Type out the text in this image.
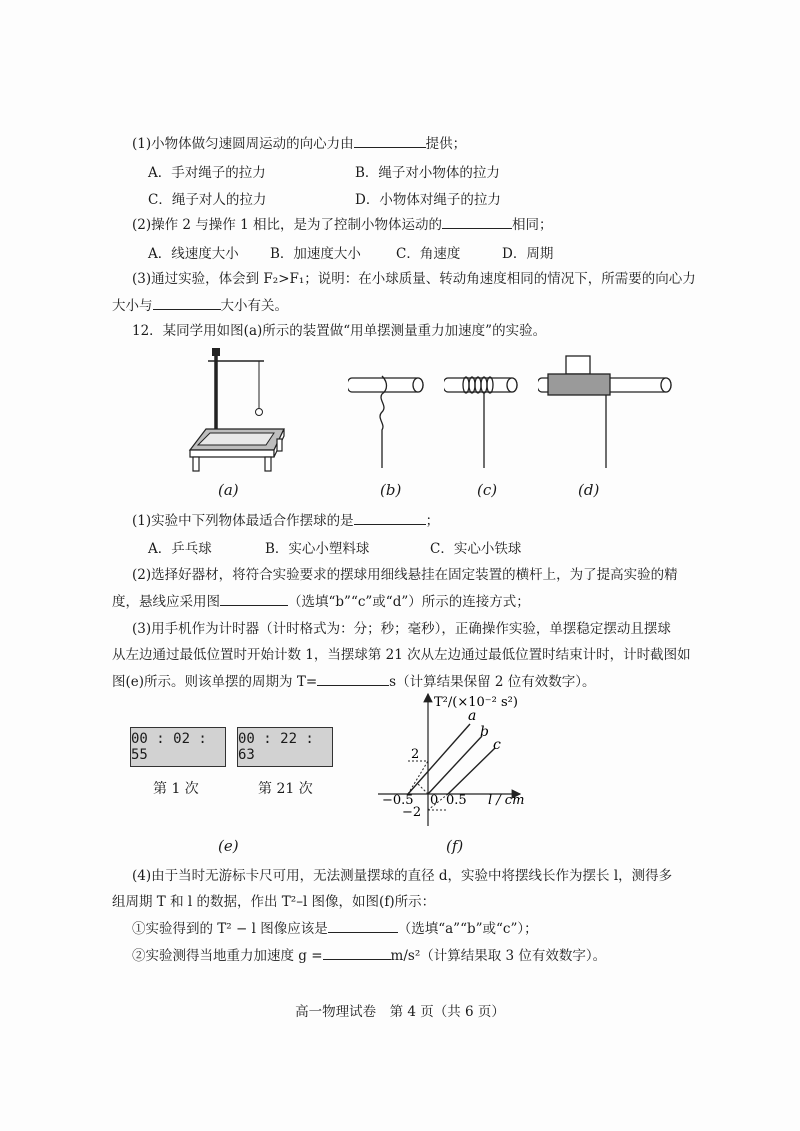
(1)小物体做匀速圆周运动的向心力由	提供；
A．手对绳子的拉力	B．绳子对小物体的拉力
C．绳子对人的拉力	D．小物体对绳子的拉力
(2)操作 2 与操作 1 相比，是为了控制小物体运动的	相同；
A．线速度大小 B．加速度大小	C．角速度	D．周期
(3)通过实验，体会到 F₂>F₁；说明：在小球质量、转动角速度相同的情况下，所需要的向心力
大小与	大小有关。
12．某同学用如图(a)所示的装置做“用单摆测量重力加速度”的实验。
(a)	(b)	(c)	(d)
(1)实验中下列物体最适合作摆球的是	；
A．乒乓球	B．实心小塑料球	C．实心小铁球
(2)选择好器材，将符合实验要求的摆球用细线悬挂在固定装置的横杆上，为了提高实验的精
度，悬线应采用图	（选填“b”“c”或“d”）所示的连接方式；
(3)用手机作为计时器（计时格式为：分；秒；毫秒），正确操作实验，单摆稳定摆动且摆球
从左边通过最低位置时开始计数 1，当摆球第 21 次从左边通过最低位置时结束计时，计时截图如
图(e)所示。则该单摆的周期为 T=	s（计算结果保留 2 位有效数字）。
00 : 02 : 55
00 : 22 : 63
第 1 次	第 21 次
(e)
a
b
c
T²/(×10⁻² s²)
l / cm
2
−2
−0.5 0 0.5
(f)
(4)由于当时无游标卡尺可用，无法测量摆球的直径 d，实验中将摆线长作为摆长 l，测得多
组周期 T 和 l 的数据，作出 T²–l 图像，如图(f)所示：
①实验得到的 T² − l 图像应该是	（选填“a”“b”或“c”）；
②实验测得当地重力加速度 g =	m/s²（计算结果取 3 位有效数字）。
高一物理试卷　第 4 页（共 6 页）
